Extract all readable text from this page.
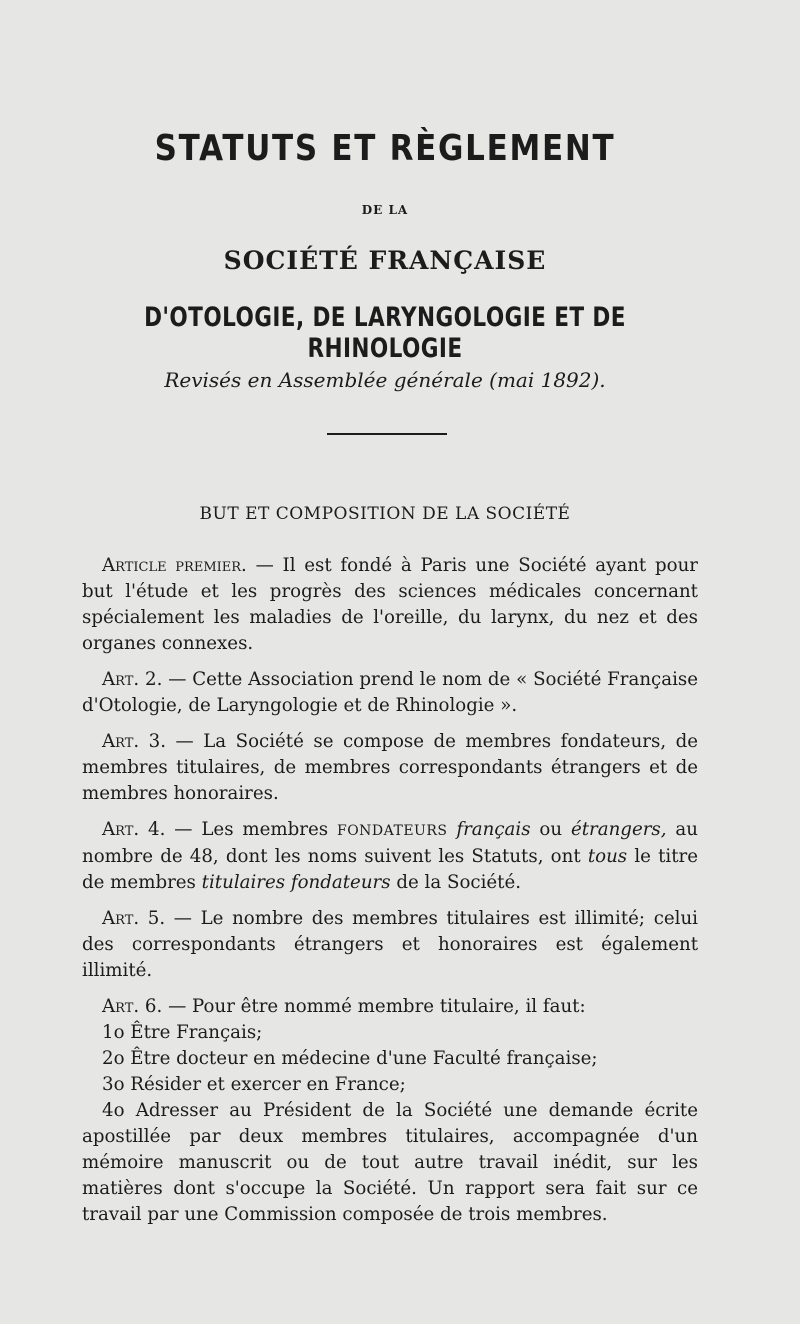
STATUTS ET RÈGLEMENT
DE LA
SOCIÉTÉ FRANÇAISE
D'OTOLOGIE, DE LARYNGOLOGIE ET DE RHINOLOGIE
Revisés en Assemblée générale (mai 1892).
BUT ET COMPOSITION DE LA SOCIÉTÉ

Article premier. — Il est fondé à Paris une Société ayant pour but l'étude et les progrès des sciences médicales concernant spécialement les maladies de l'oreille, du larynx, du nez et des organes connexes.

Art. 2. — Cette Association prend le nom de « Société Française d'Otologie, de Laryngologie et de Rhinologie ».

Art. 3. — La Société se compose de membres fondateurs, de membres titulaires, de membres correspondants étrangers et de membres honoraires.

Art. 4. — Les membres FONDATEURS français ou étrangers, au nombre de 48, dont les noms suivent les Statuts, ont tous le titre de membres titulaires fondateurs de la Société.

Art. 5. — Le nombre des membres titulaires est illimité; celui des correspondants étrangers et honoraires est également illimité.

Art. 6. — Pour être nommé membre titulaire, il faut:

1o Être Français;

2o Être docteur en médecine d'une Faculté française;

3o Résider et exercer en France;

4o Adresser au Président de la Société une demande écrite apostillée par deux membres titulaires, accompagnée d'un mémoire manuscrit ou de tout autre travail inédit, sur les matières dont s'occupe la Société. Un rapport sera fait sur ce travail par une Commission composée de trois membres.
